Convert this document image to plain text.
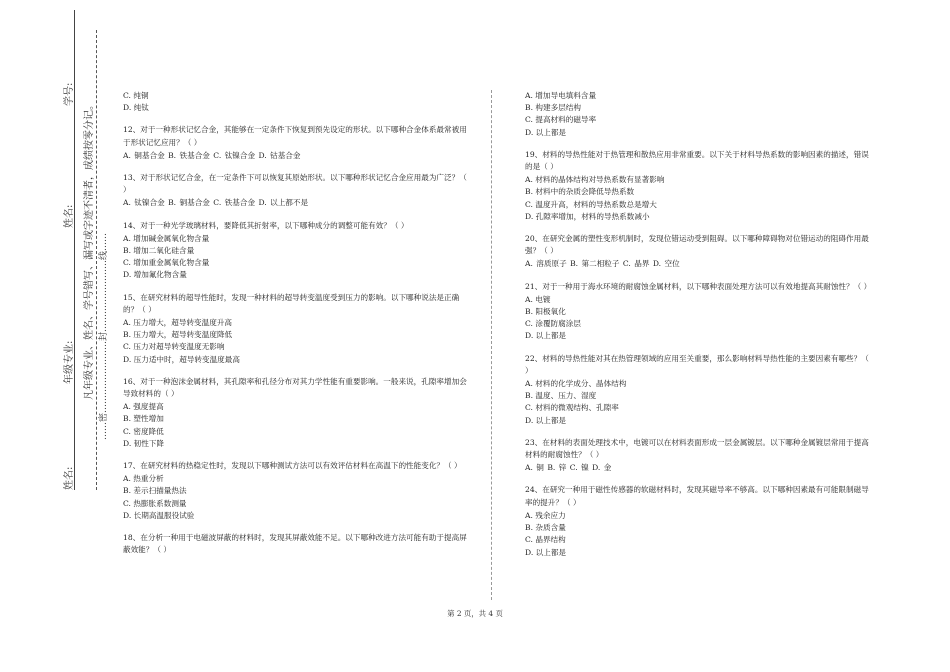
学号:
姓名:
年级专业:
姓名:
凡年级专业、姓名、学号错写、漏写或字迹不清者，成绩按零分记。 ……密……………………封……………………线……
C. 纯铜
D. 纯钛
12、对于一种形状记忆合金，其能够在一定条件下恢复到预先设定的形状。以下哪种合金体系最常被用于形状记忆应用？（ ）
A. 铜基合金 B. 铁基合金 C. 钛镍合金 D. 钴基合金
13、对于形状记忆合金，在一定条件下可以恢复其原始形状。以下哪种形状记忆合金应用最为广泛？（ ）
A. 钛镍合金 B. 铜基合金 C. 铁基合金 D. 以上都不是
14、对于一种光学玻璃材料，要降低其折射率，以下哪种成分的调整可能有效？（ ）
A. 增加碱金属氧化物含量
B. 增加二氧化硅含量
C. 增加重金属氧化物含量
D. 增加氟化物含量
15、在研究材料的超导性能时，发现一种材料的超导转变温度受到压力的影响。以下哪种说法是正确的？（ ）
A. 压力增大，超导转变温度升高
B. 压力增大，超导转变温度降低
C. 压力对超导转变温度无影响
D. 压力适中时，超导转变温度最高
16、对于一种泡沫金属材料，其孔隙率和孔径分布对其力学性能有重要影响。一般来说，孔隙率增加会导致材料的（ ）
A. 强度提高
B. 塑性增加
C. 密度降低
D. 韧性下降
17、在研究材料的热稳定性时，发现以下哪种测试方法可以有效评估材料在高温下的性能变化？（ ）
A. 热重分析
B. 差示扫描量热法
C. 热膨胀系数测量
D. 长期高温服役试验
18、在分析一种用于电磁波屏蔽的材料时，发现其屏蔽效能不足。以下哪种改进方法可能有助于提高屏蔽效能？（ ）
A. 增加导电填料含量
B. 构建多层结构
C. 提高材料的磁导率
D. 以上都是
19、材料的导热性能对于热管理和散热应用非常重要。以下关于材料导热系数的影响因素的描述，错误的是（ ）
A. 材料的晶体结构对导热系数有显著影响
B. 材料中的杂质会降低导热系数
C. 温度升高，材料的导热系数总是增大
D. 孔隙率增加，材料的导热系数减小
20、在研究金属的塑性变形机制时，发现位错运动受到阻碍。以下哪种障碍物对位错运动的阻碍作用最强？（ ）
A. 溶质原子 B. 第二相粒子 C. 晶界 D. 空位
21、对于一种用于海水环境的耐腐蚀金属材料，以下哪种表面处理方法可以有效地提高其耐蚀性？（ ）
A. 电镀
B. 阳极氧化
C. 涂覆防腐涂层
D. 以上都是
22、材料的导热性能对其在热管理领域的应用至关重要，那么影响材料导热性能的主要因素有哪些？（ ）
A. 材料的化学成分、晶体结构
B. 温度、压力、湿度
C. 材料的微观结构、孔隙率
D. 以上都是
23、在材料的表面处理技术中，电镀可以在材料表面形成一层金属镀层。以下哪种金属镀层常用于提高材料的耐腐蚀性？（ ）
A. 铜 B. 锌 C. 镍 D. 金
24、在研究一种用于磁性传感器的软磁材料时，发现其磁导率不够高。以下哪种因素最有可能限制磁导率的提升？（ ）
A. 残余应力
B. 杂质含量
C. 晶界结构
D. 以上都是
第 2 页，共 4 页
